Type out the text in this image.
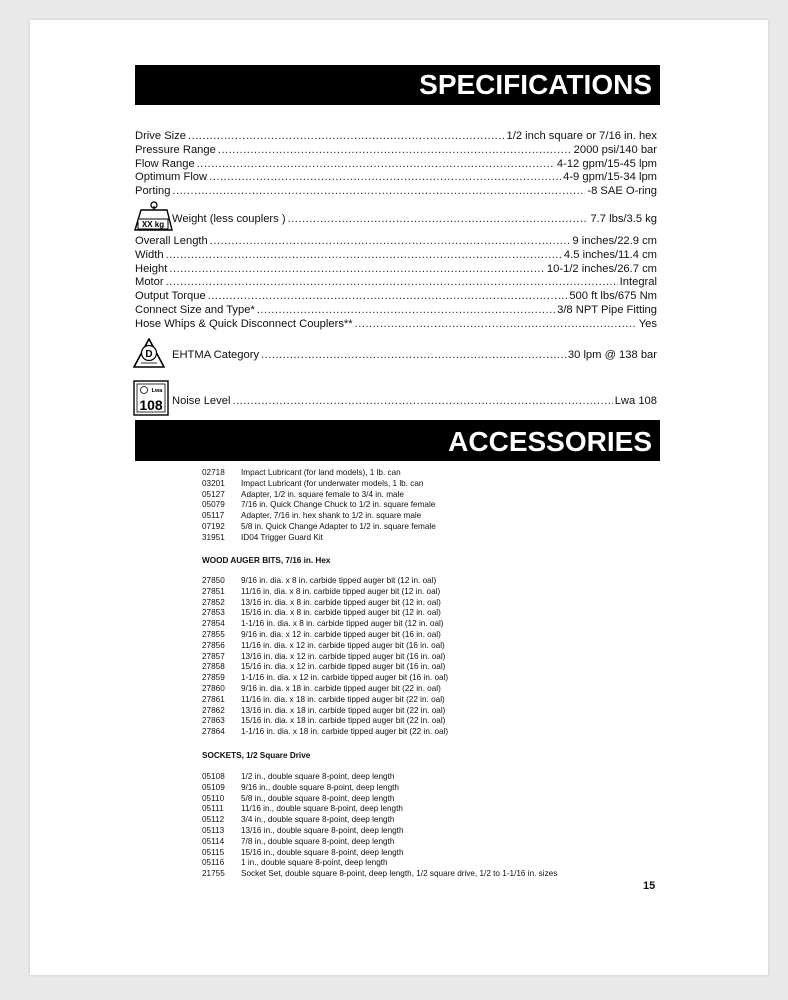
SPECIFICATIONS
Drive Size .....	1/2 inch square or 7/16 in. hex
Pressure Range .....	2000 psi/140 bar
Flow Range .....	4-12 gpm/15-45 lpm
Optimum Flow .....	4-9 gpm/15-34 lpm
Porting .....	-8 SAE O-ring
XX kg Weight (less couplers ) .....	7.7 lbs/3.5 kg
Overall Length .....	9 inches/22.9 cm
Width .....	4.5 inches/11.4 cm
Height .....	10-1/2 inches/26.7 cm
Motor .....	Integral
Output Torque .....	500 ft lbs/675 Nm
Connect Size and Type* .....	3/8 NPT Pipe Fitting
Hose Whips & Quick Disconnect Couplers** .....	Yes
D EHTMA Category .....	30 lpm @ 138 bar
Lwa
108 Noise Level .....	Lwa 108
ACCESSORIES
02718	Impact Lubricant (for land models), 1 lb. can
03201	Impact Lubricant (for underwater models, 1 lb. can
05127	Adapter, 1/2 in. square female to 3/4 in. male
05079	7/16 in. Quick Change Chuck to 1/2 in. square female
05117	Adapter, 7/16 in. hex shank to 1/2 in. square male
07192	5/8 in. Quick Change Adapter to 1/2 in. square female
31951	ID04 Trigger Guard Kit
WOOD AUGER BITS, 7/16 in. Hex
27850	9/16 in. dia. x 8 in. carbide tipped auger bit (12 in. oal)
27851	11/16 in. dia. x 8 in. carbide tipped auger bit (12 in. oal)
27852	13/16 in. dia. x 8 in. carbide tipped auger bit (12 in. oal)
27853	15/16 in. dia. x 8 in. carbide tipped auger bit (12 in. oal)
27854	1-1/16 in. dia. x 8 in. carbide tipped auger bit (12 in. oal)
27855	9/16 in. dia. x 12 in. carbide tipped auger bit (16 in. oal)
27856	11/16 in. dia. x 12 in. carbide tipped auger bit (16 in. oal)
27857	13/16 in. dia. x 12 in. carbide tipped auger bit (16 in. oal)
27858	15/16 in. dia. x 12 in. carbide tipped auger bit (16 in. oal)
27859	1-1/16 in. dia. x 12 in. carbide tipped auger bit (16 in. oal)
27860	9/16 in. dia. x 18 in. carbide tipped auger bit (22 in. oal)
27861	11/16 in. dia. x 18 in. carbide tipped auger bit (22 in. oal)
27862	13/16 in. dia. x 18 in. carbide tipped auger bit (22 in. oal)
27863	15/16 in. dia. x 18 in. carbide tipped auger bit (22 in. oal)
27864	1-1/16 in. dia. x 18 in. carbide tipped auger bit (22 in. oal)
SOCKETS, 1/2 Square Drive
05108	1/2 in., double square 8-point, deep length
05109	9/16 in., double square 8-point, deep length
05110	5/8 in., double square 8-point, deep length
05111	11/16 in., double square 8-point, deep length
05112	3/4 in., double square 8-point, deep length
05113	13/16 in., double square 8-point, deep length
05114	7/8 in., double square 8-point, deep length
05115	15/16 in., double square 8-point, deep length
05116	1 in., double square 8-point, deep length
21755	Socket Set, double square 8-point, deep length, 1/2 square drive, 1/2 to 1-1/16 in. sizes
15
